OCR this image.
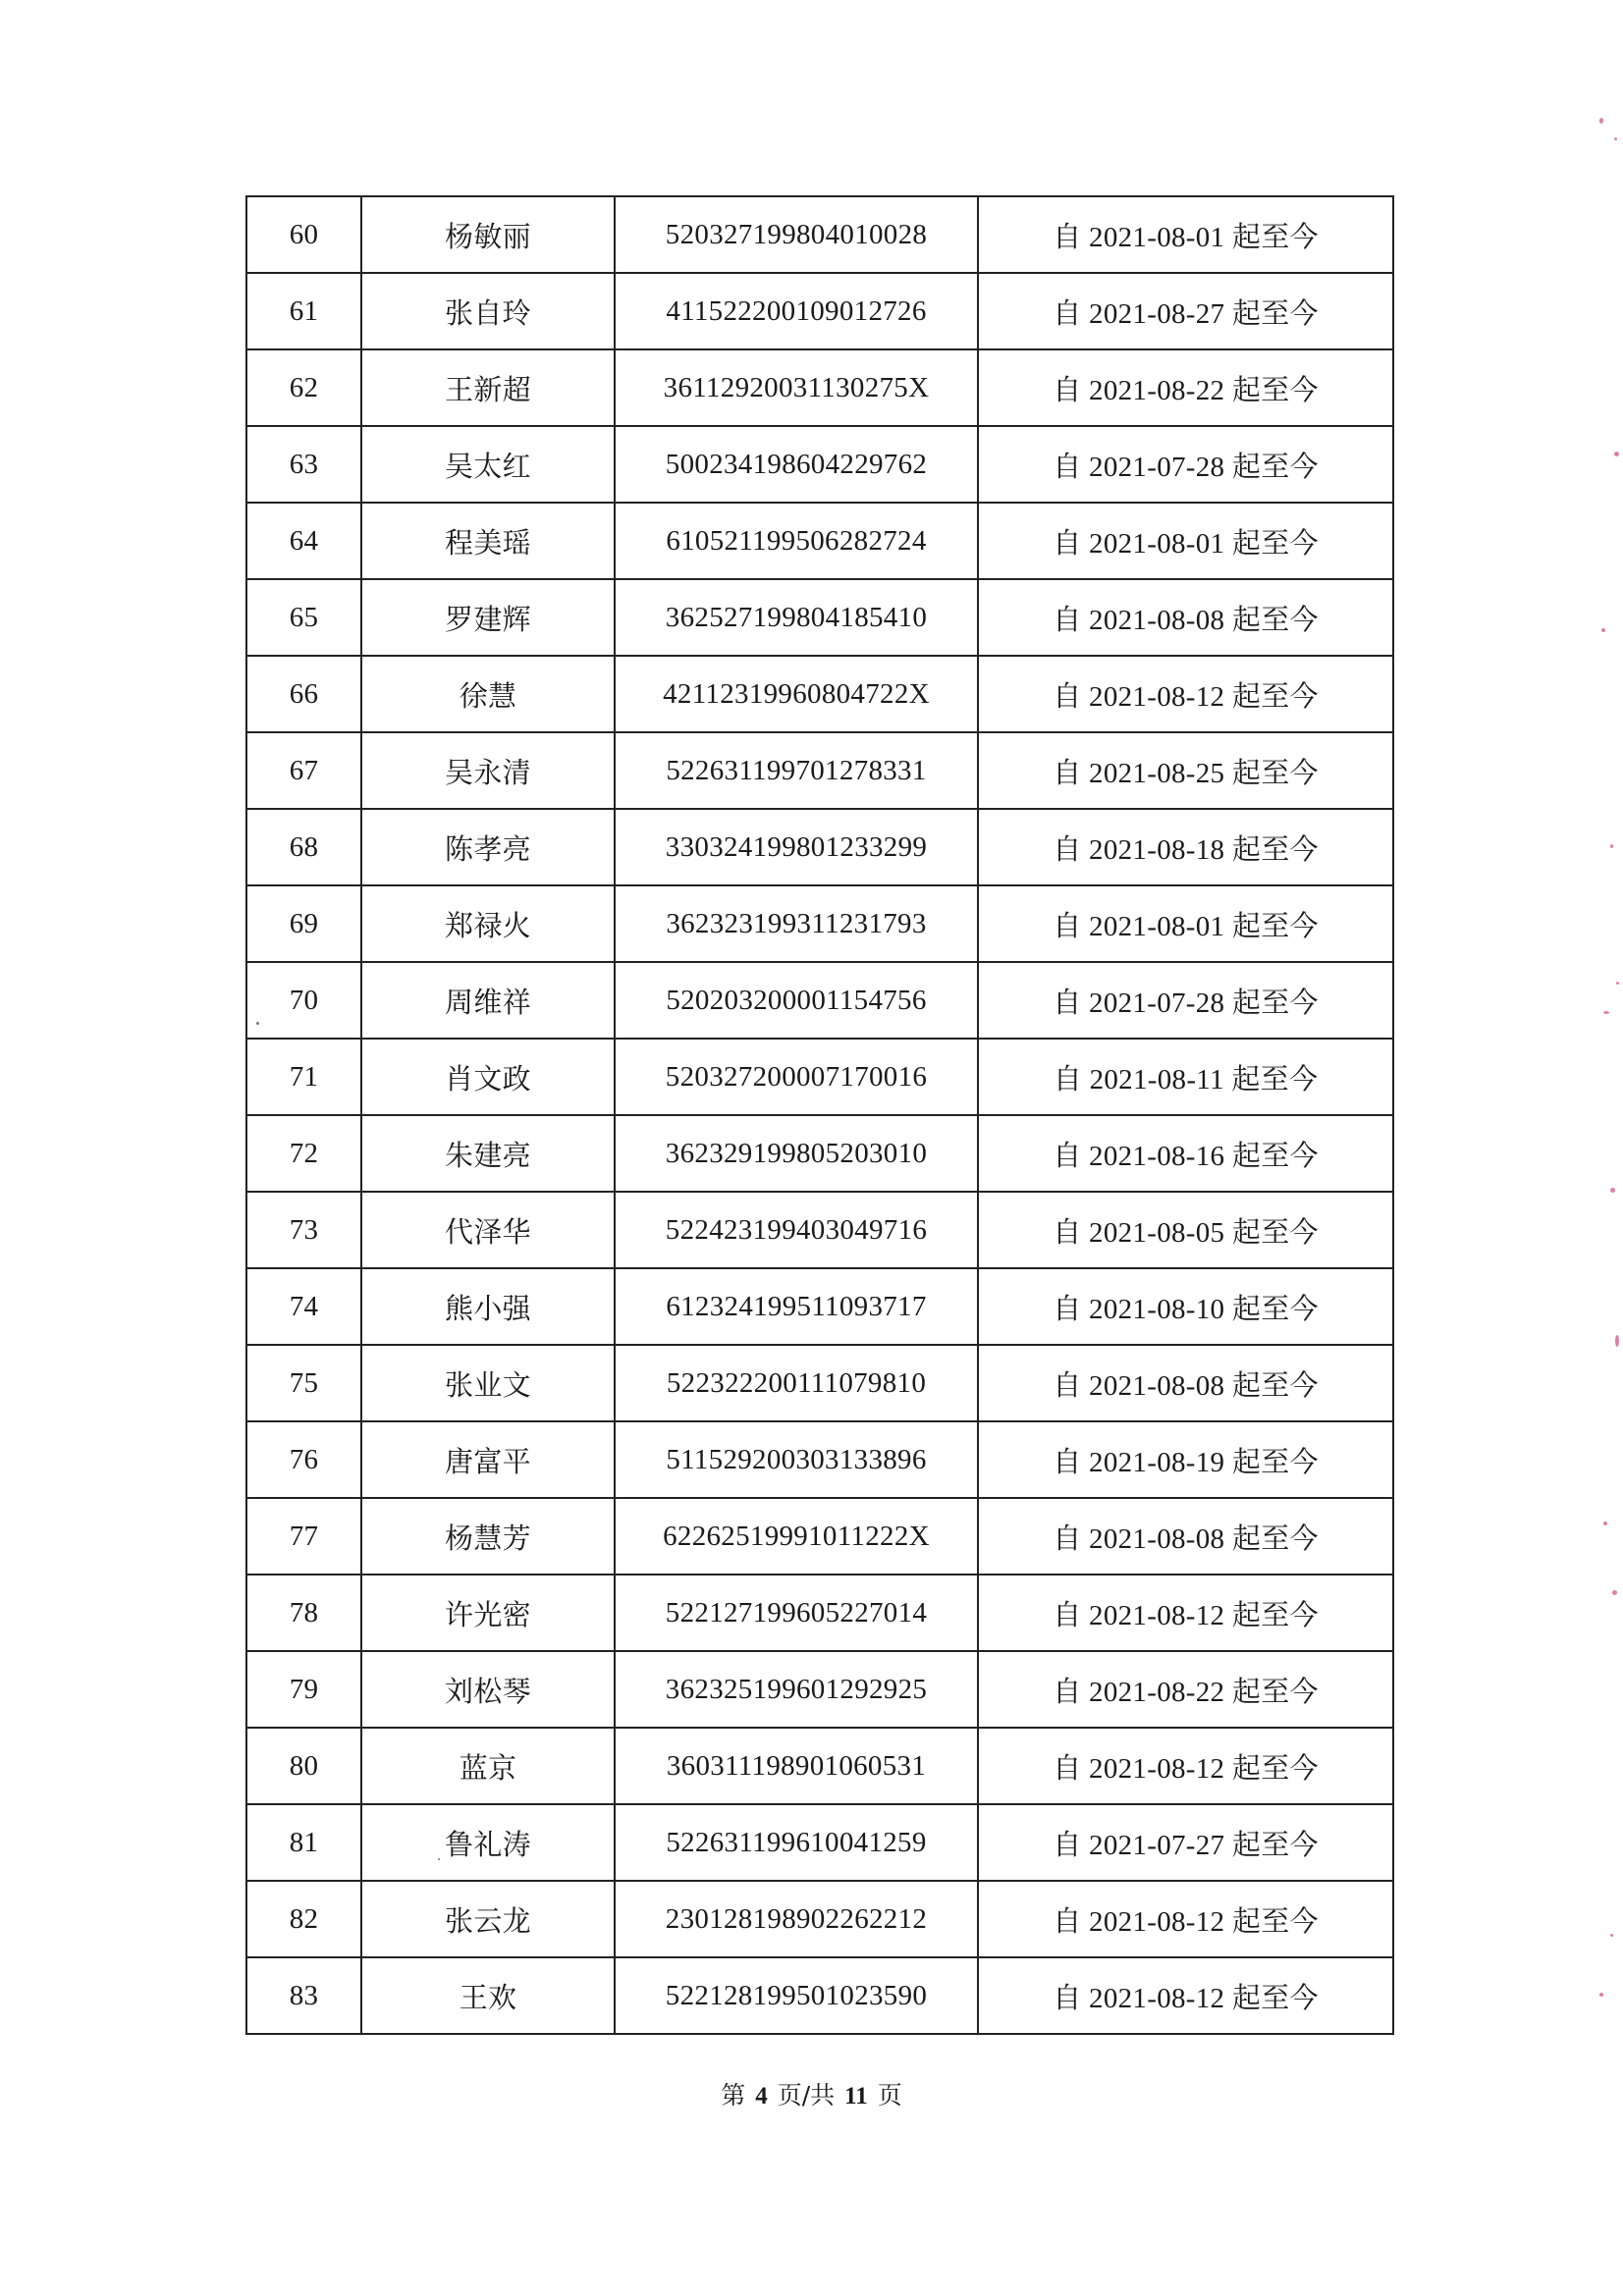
60	杨敏丽	520327199804010028	自 2021-08-01 起至今
61	张自玲	411522200109012726	自 2021-08-27 起至今
62	王新超	36112920031130275X	自 2021-08-22 起至今
63	吴太红	500234198604229762	自 2021-07-28 起至今
64	程美瑶	610521199506282724	自 2021-08-01 起至今
65	罗建辉	362527199804185410	自 2021-08-08 起至今
66	徐慧	42112319960804722X	自 2021-08-12 起至今
67	吴永清	522631199701278331	自 2021-08-25 起至今
68	陈孝亮	330324199801233299	自 2021-08-18 起至今
69	郑禄火	362323199311231793	自 2021-08-01 起至今
70	周维祥	520203200001154756	自 2021-07-28 起至今
71	肖文政	520327200007170016	自 2021-08-11 起至今
72	朱建亮	362329199805203010	自 2021-08-16 起至今
73	代泽华	522423199403049716	自 2021-08-05 起至今
74	熊小强	612324199511093717	自 2021-08-10 起至今
75	张业文	522322200111079810	自 2021-08-08 起至今
76	唐富平	511529200303133896	自 2021-08-19 起至今
77	杨慧芳	62262519991011222X	自 2021-08-08 起至今
78	许光密	522127199605227014	自 2021-08-12 起至今
79	刘松琴	362325199601292925	自 2021-08-22 起至今
80	蓝京	360311198901060531	自 2021-08-12 起至今
81	鲁礼涛	522631199610041259	自 2021-07-27 起至今
82	张云龙	230128198902262212	自 2021-08-12 起至今
83	王欢	522128199501023590	自 2021-08-12 起至今
第 4 页/共 11 页
